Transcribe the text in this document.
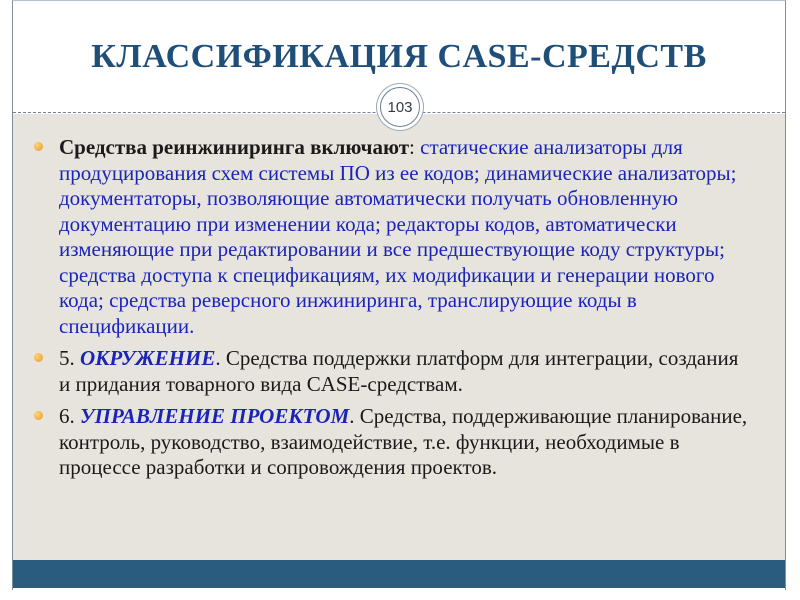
КЛАССИФИКАЦИЯ CASE-СРЕДСТВ
103
Средства реинжиниринга включают: статические анализаторы для продуцирования схем системы ПО из ее кодов; динамические анализаторы; документаторы, позволяющие автоматически получать обновленную документацию при изменении кода; редакторы кодов, автоматически изменяющие при редактировании и все предшествующие коду структуры; средства доступа к спецификациям, их модификации и генерации нового кода; средства реверсного инжиниринга, транслирующие коды в спецификации.
5. ОКРУЖЕНИЕ. Средства поддержки платформ для интеграции, создания и придания товарного вида CASE-средствам.
6. УПРАВЛЕНИЕ ПРОЕКТОМ. Средства, поддерживающие планирование, контроль, руководство, взаимодействие, т.е. функции, необходимые в процессе разработки и сопровождения проектов.
